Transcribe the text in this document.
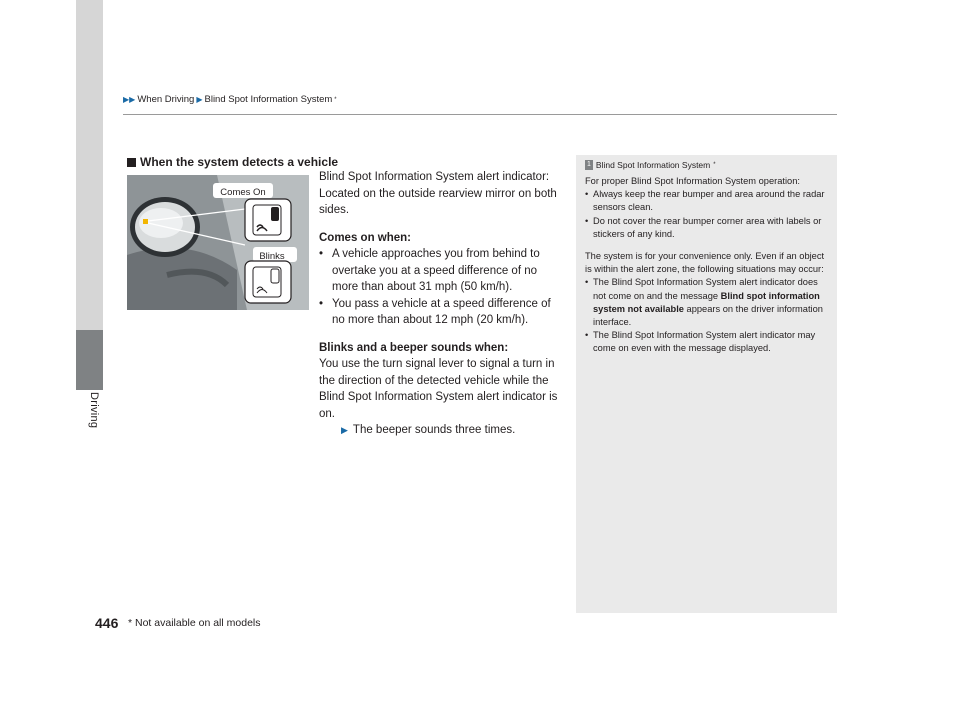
Driving
▶▶ When Driving ▶ Blind Spot Information System *
When the system detects a vehicle
Comes On
Blinks

Blind Spot Information System alert indicator: Located on the outside rearview mirror on both sides.

Comes on when:

• A vehicle approaches you from behind to overtake you at a speed difference of no more than about 31 mph (50 km/h).
• You pass a vehicle at a speed difference of no more than about 12 mph (20 km/h).

Blinks and a beeper sounds when:

You use the turn signal lever to signal a turn in the direction of the detected vehicle while the Blind Spot Information System alert indicator is on.

▶ The beeper sounds three times.
1 Blind Spot Information System *

For proper Blind Spot Information System operation:

• Always keep the rear bumper and area around the radar sensors clean.
• Do not cover the rear bumper corner area with labels or stickers of any kind.

The system is for your convenience only. Even if an object is within the alert zone, the following situations may occur:

• The Blind Spot Information System alert indicator does not come on and the message Blind spot information system not available appears on the driver information interface.
• The Blind Spot Information System alert indicator may come on even with the message displayed.
446 * Not available on all models
